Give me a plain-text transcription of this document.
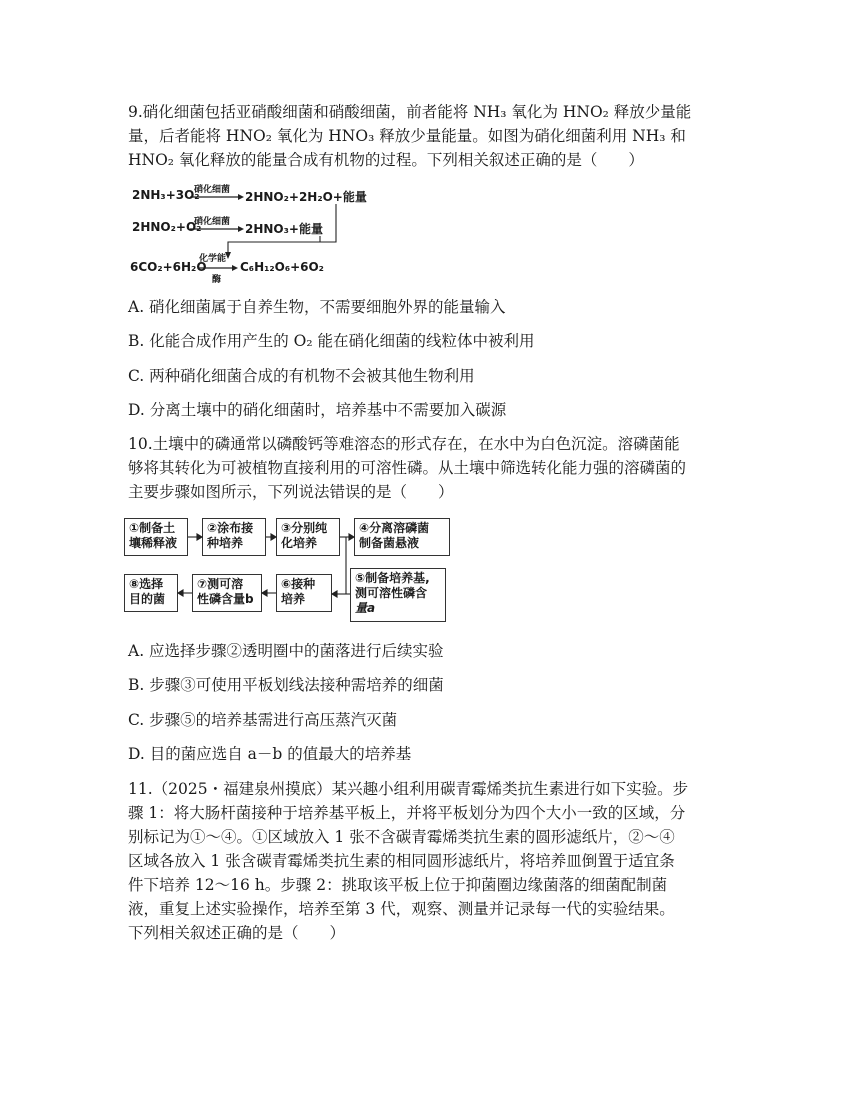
9.硝化细菌包括亚硝酸细菌和硝酸细菌，前者能将 NH₃ 氧化为 HNO₂ 释放少量能
量，后者能将 HNO₂ 氧化为 HNO₃ 释放少量能量。如图为硝化细菌利用 NH₃ 和
HNO₂ 氧化释放的能量合成有机物的过程。下列相关叙述正确的是（　　）
2NH₃+3O₂
硝化细菌 2HNO₂+2H₂O+能量
2HNO₂+O₂
硝化细菌 2HNO₃+能量
6CO₂+6H₂O
化学能
酶
C₆H₁₂O₆+6O₂
A. 硝化细菌属于自养生物，不需要细胞外界的能量输入
B. 化能合成作用产生的 O₂ 能在硝化细菌的线粒体中被利用
C. 两种硝化细菌合成的有机物不会被其他生物利用
D. 分离土壤中的硝化细菌时，培养基中不需要加入碳源
10.土壤中的磷通常以磷酸钙等难溶态的形式存在，在水中为白色沉淀。溶磷菌能
够将其转化为可被植物直接利用的可溶性磷。从土壤中筛选转化能力强的溶磷菌的
主要步骤如图所示，下列说法错误的是（　　）
①制备土
壤稀释液
②涂布接
种培养
③分别纯
化培养
④分离溶磷菌
制备菌悬液
⑤制备培养基,
测可溶性磷含
量a
⑥接种
培养
⑦测可溶
性磷含量b
⑧选择
目的菌
A. 应选择步骤②透明圈中的菌落进行后续实验
B. 步骤③可使用平板划线法接种需培养的细菌
C. 步骤⑤的培养基需进行高压蒸汽灭菌
D. 目的菌应选自 a－b 的值最大的培养基
11.（2025・福建泉州摸底）某兴趣小组利用碳青霉烯类抗生素进行如下实验。步
骤 1：将大肠杆菌接种于培养基平板上，并将平板划分为四个大小一致的区域，分
别标记为①～④。①区域放入 1 张不含碳青霉烯类抗生素的圆形滤纸片，②～④
区域各放入 1 张含碳青霉烯类抗生素的相同圆形滤纸片，将培养皿倒置于适宜条
件下培养 12～16 h。步骤 2：挑取该平板上位于抑菌圈边缘菌落的细菌配制菌
液，重复上述实验操作，培养至第 3 代，观察、测量并记录每一代的实验结果。
下列相关叙述正确的是（　　）
